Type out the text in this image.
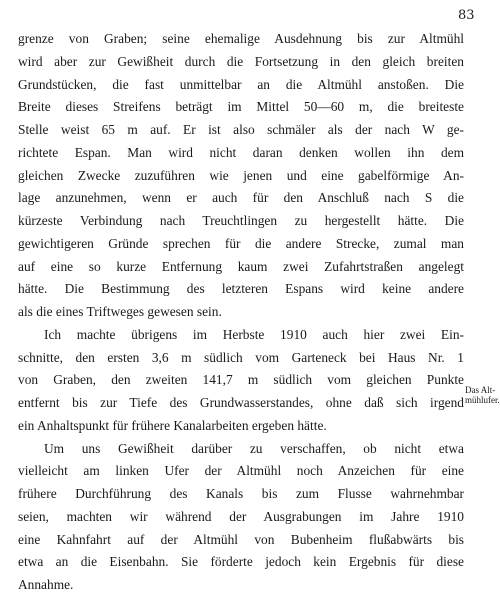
83
grenze von Graben; seine ehemalige Ausdehnung bis zur Altmühl
wird aber zur Gewißheit durch die Fortsetzung in den gleich breiten
Grundstücken, die fast unmittelbar an die Altmühl anstoßen. Die
Breite dieses Streifens beträgt im Mittel 50—60 m, die breiteste
Stelle weist 65 m auf. Er ist also schmäler als der nach W ge-
richtete Espan. Man wird nicht daran denken wollen ihn dem
gleichen Zwecke zuzuführen wie jenen und eine gabelförmige An-
lage anzunehmen, wenn er auch für den Anschluß nach S die
kürzeste Verbindung nach Treuchtlingen zu hergestellt hätte. Die
gewichtigeren Gründe sprechen für die andere Strecke, zumal man
auf eine so kurze Entfernung kaum zwei Zufahrtstraßen angelegt
hätte. Die Bestimmung des letzteren Espans wird keine andere
als die eines Triftweges gewesen sein.
Ich machte übrigens im Herbste 1910 auch hier zwei Ein-
schnitte, den ersten 3,6 m südlich vom Garteneck bei Haus Nr. 1
von Graben, den zweiten 141,7 m südlich vom gleichen Punkte
entfernt bis zur Tiefe des Grundwasserstandes, ohne daß sich irgend
ein Anhaltspunkt für frühere Kanalarbeiten ergeben hätte.
Um uns Gewißheit darüber zu verschaffen, ob nicht etwa
vielleicht am linken Ufer der Altmühl noch Anzeichen für eine
frühere Durchführung des Kanals bis zum Flusse wahrnehmbar
seien, machten wir während der Ausgrabungen im Jahre 1910
eine Kahnfahrt auf der Altmühl von Bubenheim flußabwärts bis
etwa an die Eisenbahn. Sie förderte jedoch kein Ergebnis für diese
Annahme.
Das Alt-
mühlufer.
